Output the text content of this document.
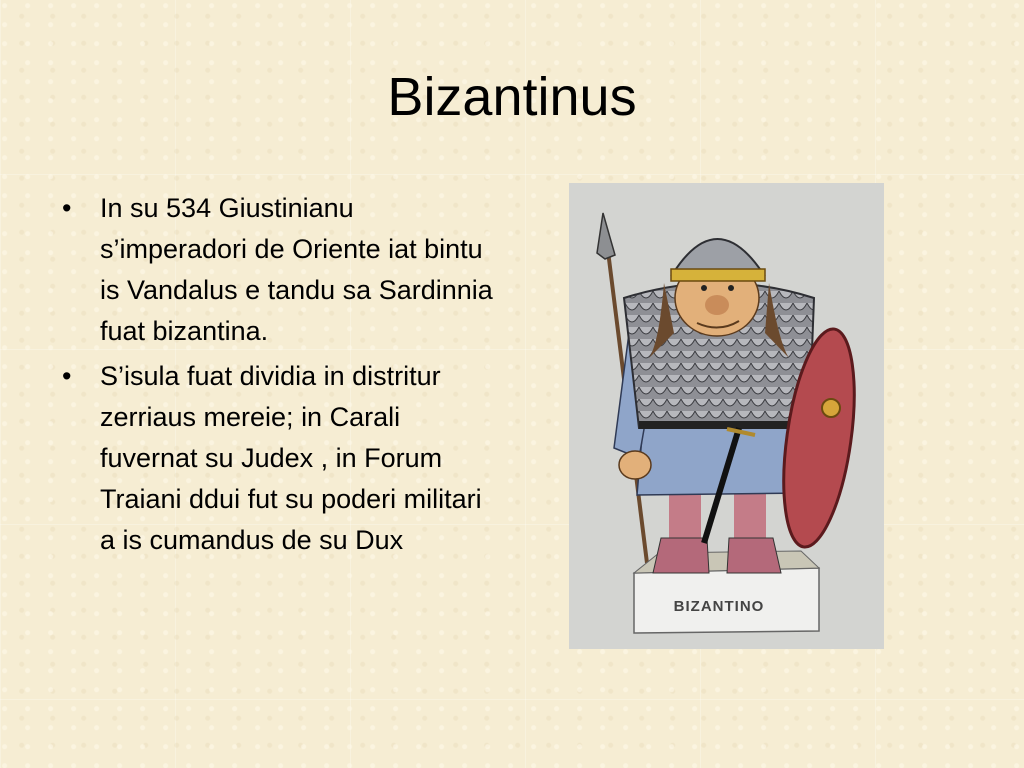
Bizantinus
•	In su 534 Giustinianu s’imperadori de Oriente iat bintu is Vandalus e tandu sa Sardinnia fuat bizantina.
•	S’isula fuat dividia in distritur zerriaus mereie; in Carali fuvernat su Judex , in Forum Traiani ddui fut su poderi militari a is cumandus de su Dux
BIZANTINO
